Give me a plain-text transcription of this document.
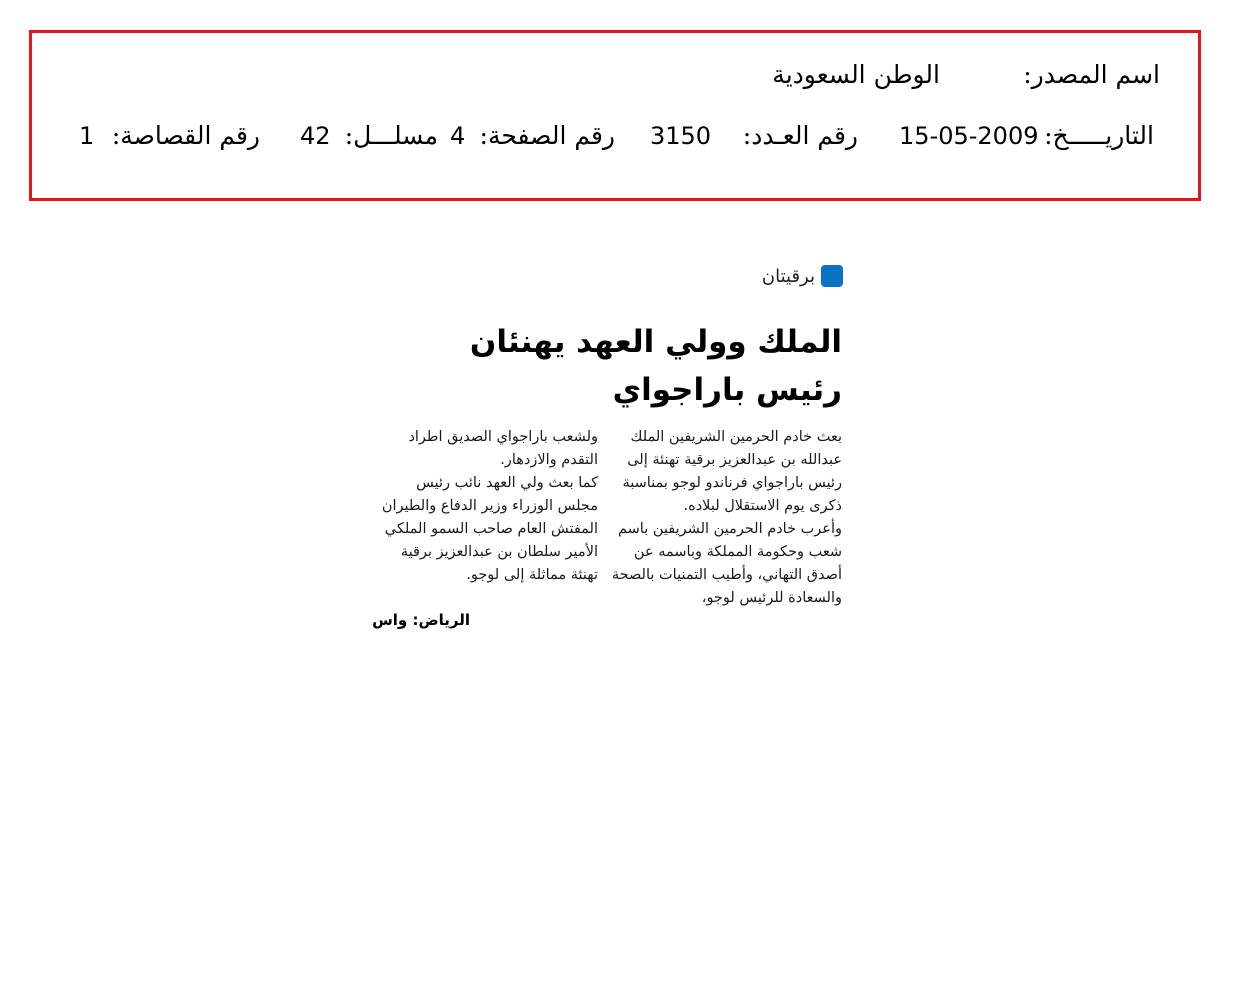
اسم المصدر:
الوطن السعودية
التاريـــــخ:
15-05-2009
رقم العـدد:
3150
رقم الصفحة:
4
مسلـــل:
42
رقم القصاصة:
1
برقيتان
الملك وولي العهد يهنئان رئيس باراجواي

بعث خادم الحرمين الشريفين الملك عبدالله بن عبدالعزيز برقية تهنئة إلى رئيس باراجواي فرناندو لوجو بمناسبة ذكرى يوم الاستقلال لبلاده.

وأعرب خادم الحرمين الشريفين باسم شعب وحكومة المملكة وباسمه عن أصدق التهاني، وأطيب التمنيات بالصحة والسعادة للرئيس لوجو،

ولشعب باراجواي الصديق اطراد التقدم والازدهار.

كما بعث ولي العهد نائب رئيس مجلس الوزراء وزير الدفاع والطيران المفتش العام صاحب السمو الملكي الأمير سلطان بن عبدالعزيز برقية تهنئة مماثلة إلى لوجو.

الرياض: واس
